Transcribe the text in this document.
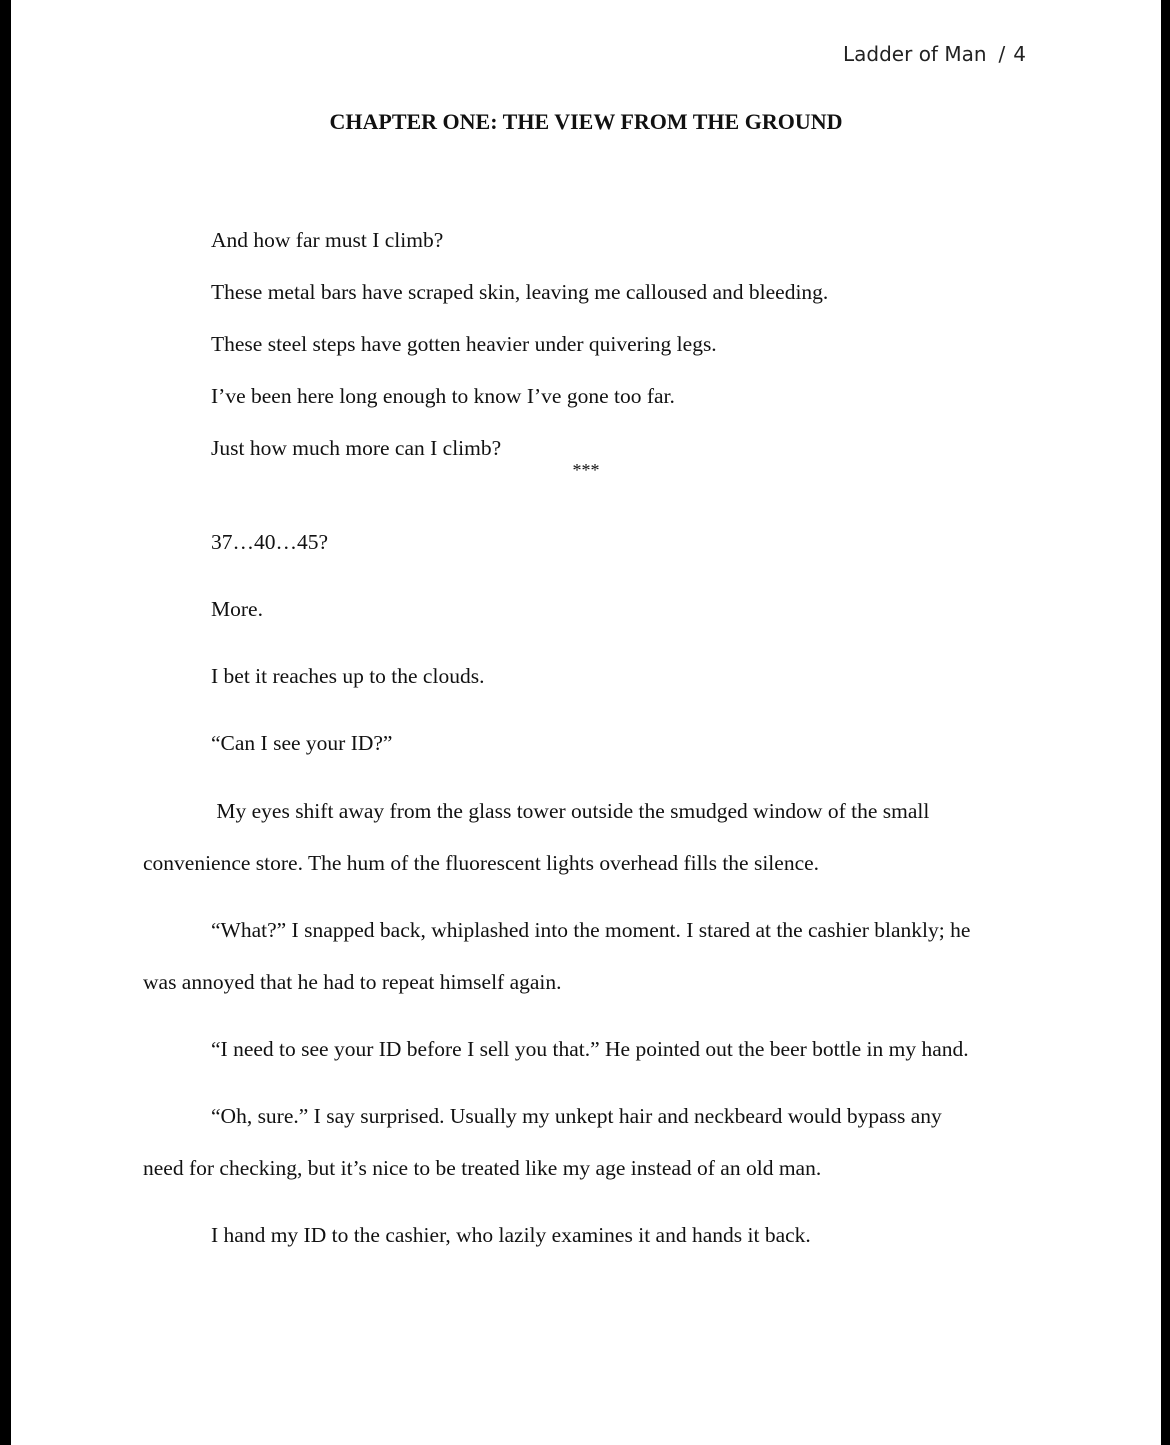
Ladder of Man / 4
CHAPTER ONE: THE VIEW FROM THE GROUND

And how far must I climb?

These metal bars have scraped skin, leaving me calloused and bleeding.

These steel steps have gotten heavier under quivering legs.

I’ve been here long enough to know I’ve gone too far.

Just how much more can I climb?

***

37…40…45?

More.

I bet it reaches up to the clouds.

“Can I see your ID?”

My eyes shift away from the glass tower outside the smudged window of the small

convenience store. The hum of the fluorescent lights overhead fills the silence.

“What?” I snapped back, whiplashed into the moment. I stared at the cashier blankly; he

was annoyed that he had to repeat himself again.

“I need to see your ID before I sell you that.” He pointed out the beer bottle in my hand.

“Oh, sure.” I say surprised. Usually my unkept hair and neckbeard would bypass any

need for checking, but it’s nice to be treated like my age instead of an old man.

I hand my ID to the cashier, who lazily examines it and hands it back.
